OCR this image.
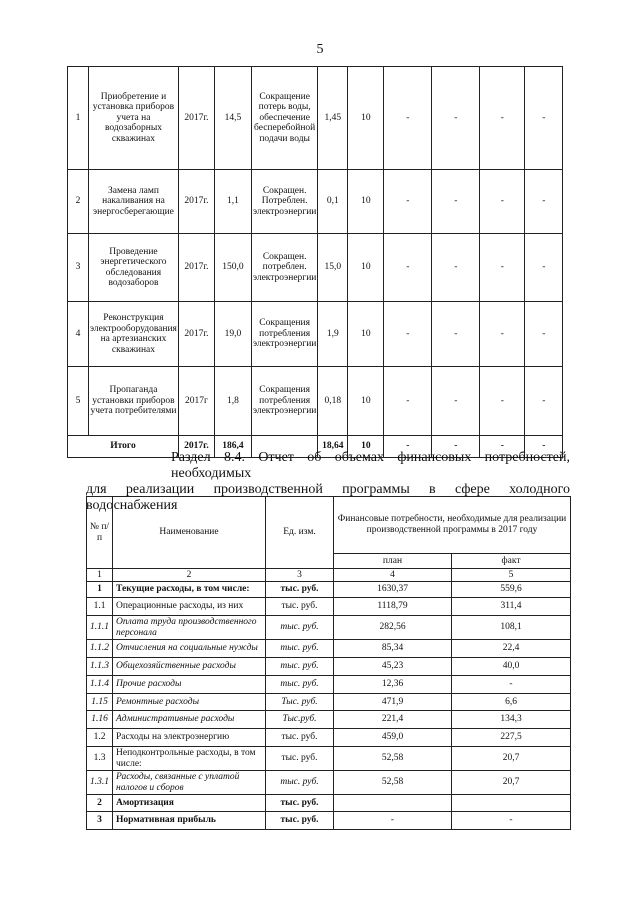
5
1	Приобретение и установка приборов учета на водозаборных скважинах	2017г.	14,5	Сокращение потерь воды, обеспечение бесперебойной подачи воды	1,45	10	-	-	-	-
2	Замена ламп накаливания на энергосберегающие	2017г.	1,1	Сокращен. Потреблен. электроэнергии	0,1	10	-	-	-	-
3	Проведение энергетического обследования водозаборов	2017г.	150,0	Сокращен. потреблен. электроэнергии	15,0	10	-	-	-	-
4	Реконструкция электрооборудования на артезианских скважинах	2017г.	19,0	Сокращения потребления электроэнергии	1,9	10	-	-	-	-
5	Пропаганда установки приборов учета потребителями	2017г	1,8	Сокращения потребления электроэнергии	0,18	10	-	-	-	-
Итого		2017г.	186,4		18,64	10	-	-	-	-
Раздел 8.4. Отчет об объемах финансовых потребностей, необходимых
для реализации производственной программы в сфере холодного
водоснабжения
№ п/п	Наименование	Ед. изм.	Финансовые потребности, необходимые для реализации производственной программы в 2017 году	
			план	факт
1	2	3	4	5
1	Текущие расходы, в том числе:	тыс. руб.	1630,37	559,6
1.1	Операционные расходы, из них	тыс. руб.	1118,79	311,4
1.1.1	Оплата труда производственного персонала	тыс. руб.	282,56	108,1
1.1.2	Отчисления на социальные нужды	тыс. руб.	85,34	22,4
1.1.3	Общехозяйственные расходы	тыс. руб.	45,23	40,0
1.1.4	Прочие расходы	тыс. руб.	12,36	-
1.15	Ремонтные расходы	Тыс. руб.	471,9	6,6
1.16	Административные расходы	Тыс.руб.	221,4	134,3
1.2	Расходы на электроэнергию	тыс. руб.	459,0	227,5
1.3	Неподконтрольные расходы, в том числе:	тыс. руб.	52,58	20,7
1.3.1	Расходы, связанные с уплатой налогов и сборов	тыс. руб.	52,58	20,7
2	Амортизация	тыс. руб.		
3	Нормативная прибыль	тыс. руб.	-	-
